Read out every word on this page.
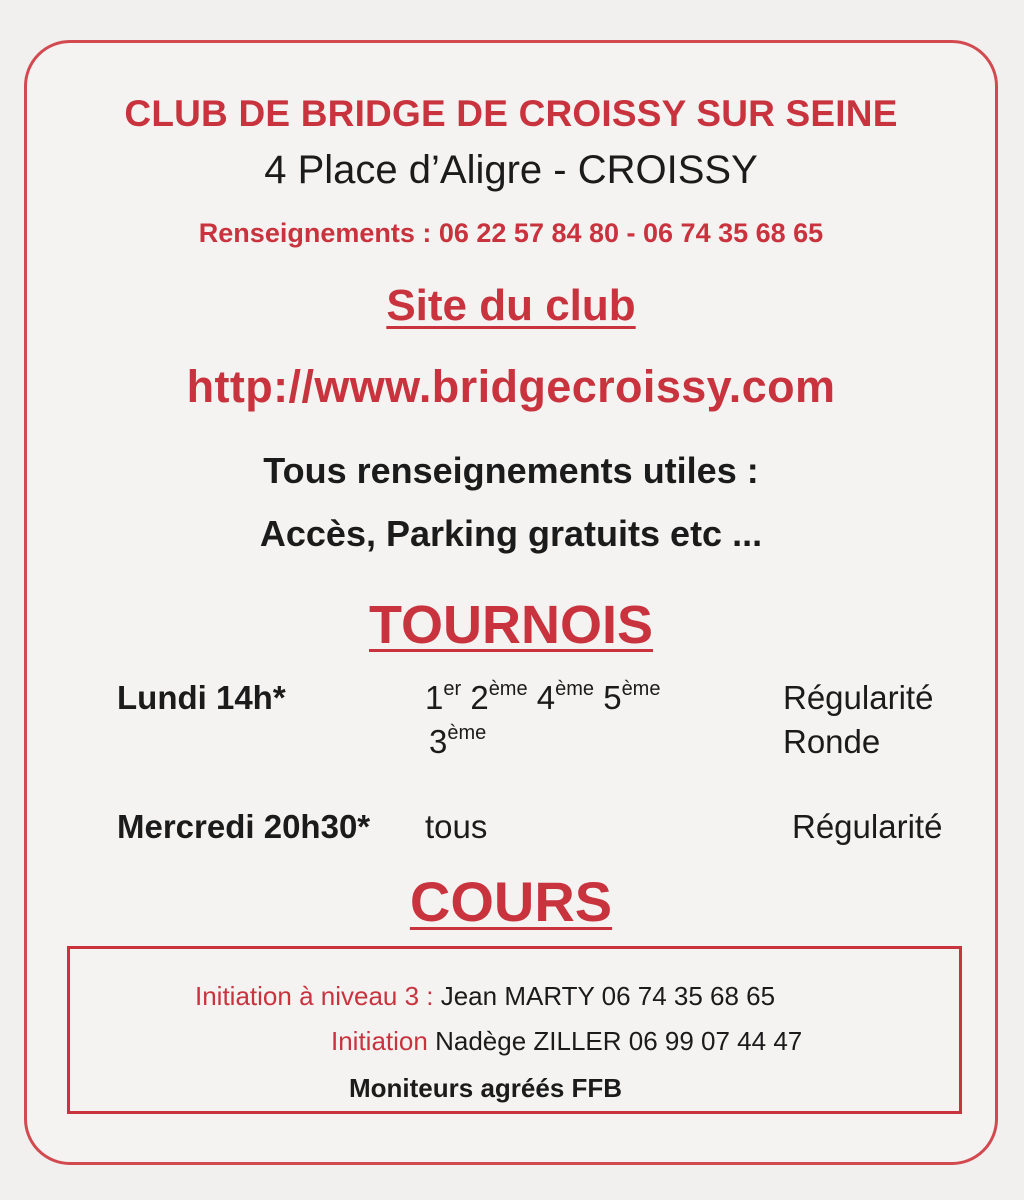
CLUB DE BRIDGE DE CROISSY SUR SEINE
4 Place d’Aligre - CROISSY
Renseignements : 06 22 57 84 80 - 06 74 35 68 65
Site du club
http://www.bridgecroissy.com
Tous renseignements utiles :
Accès, Parking gratuits etc ...
TOURNOIS
Lundi 14h*	1er 2ème 4ème 5ème
3ème
Régularité
Ronde
Mercredi 20h30* tous	Régularité
COURS
Initiation à niveau 3 : Jean MARTY 06 74 35 68 65
Initiation Nadège ZILLER 06 99 07 44 47
Moniteurs agréés FFB
